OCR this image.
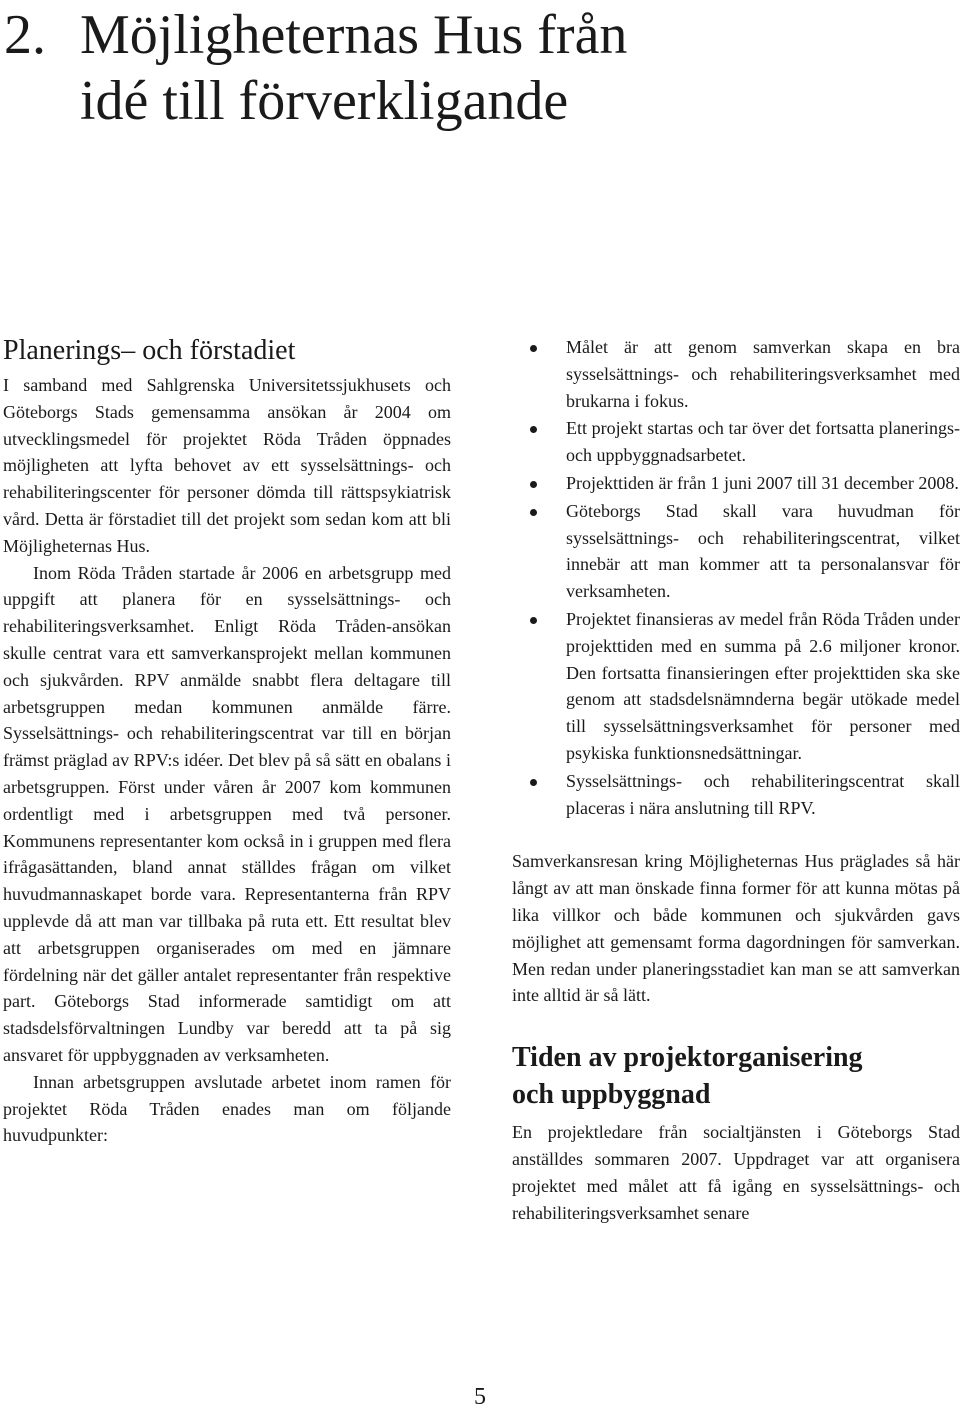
2. Möjligheternas Hus från
idé till förverkligande
Planerings– och förstadiet

I samband med Sahlgrenska Universitetssjukhusets och Göteborgs Stads gemensamma ansökan år 2004 om utvecklingsmedel för projektet Röda Tråden öppnades möjligheten att lyfta behovet av ett sysselsättnings- och rehabiliteringscenter för personer dömda till rättspsykiatrisk vård. Detta är förstadiet till det projekt som sedan kom att bli Möjligheternas Hus.

Inom Röda Tråden startade år 2006 en arbetsgrupp med uppgift att planera för en sysselsättnings- och rehabiliteringsverksamhet. Enligt Röda Tråden-ansökan skulle centrat vara ett samverkansprojekt mellan kommunen och sjukvården. RPV anmälde snabbt flera deltagare till arbetsgruppen medan kommunen anmälde färre. Sysselsättnings- och rehabiliteringscentrat var till en början främst präglad av RPV:s idéer. Det blev på så sätt en obalans i arbetsgruppen. Först under våren år 2007 kom kommunen ordentligt med i arbetsgruppen med två personer. Kommunens representanter kom också in i gruppen med flera ifrågasättanden, bland annat ställdes frågan om vilket huvudmannaskapet borde vara. Representanterna från RPV upplevde då att man var tillbaka på ruta ett. Ett resultat blev att arbetsgruppen organiserades om med en jämnare fördelning när det gäller antalet representanter från respektive part. Göteborgs Stad informerade samtidigt om att stadsdelsförvaltningen Lundby var beredd att ta på sig ansvaret för uppbyggnaden av verksamheten.

Innan arbetsgruppen avslutade arbetet inom ramen för projektet Röda Tråden enades man om följande huvudpunkter:

Målet är att genom samverkan skapa en bra sysselsättnings- och rehabiliteringsverksamhet med brukarna i fokus.
Ett projekt startas och tar över det fortsatta planerings- och uppbyggnadsarbetet.
Projekttiden är från 1 juni 2007 till 31 december 2008.
Göteborgs Stad skall vara huvudman för sysselsättnings- och rehabiliteringscentrat, vilket innebär att man kommer att ta personalansvar för verksamheten.
Projektet finansieras av medel från Röda Tråden under projekttiden med en summa på 2.6 miljoner kronor. Den fortsatta finansieringen efter projekttiden ska ske genom att stadsdelsnämnderna begär utökade medel till sysselsättningsverksamhet för personer med psykiska funktionsnedsättningar.
Sysselsättnings- och rehabiliteringscentrat skall placeras i nära anslutning till RPV.

Samverkansresan kring Möjligheternas Hus präglades så här långt av att man önskade finna former för att kunna mötas på lika villkor och både kommunen och sjukvården gavs möjlighet att gemensamt forma dagordningen för samverkan. Men redan under planeringsstadiet kan man se att samverkan inte alltid är så lätt.

Tiden av projektorganisering
och uppbyggnad

En projektledare från socialtjänsten i Göteborgs Stad anställdes sommaren 2007. Uppdraget var att organisera projektet med målet att få igång en sysselsättnings- och rehabiliteringsverksamhet senare

5
